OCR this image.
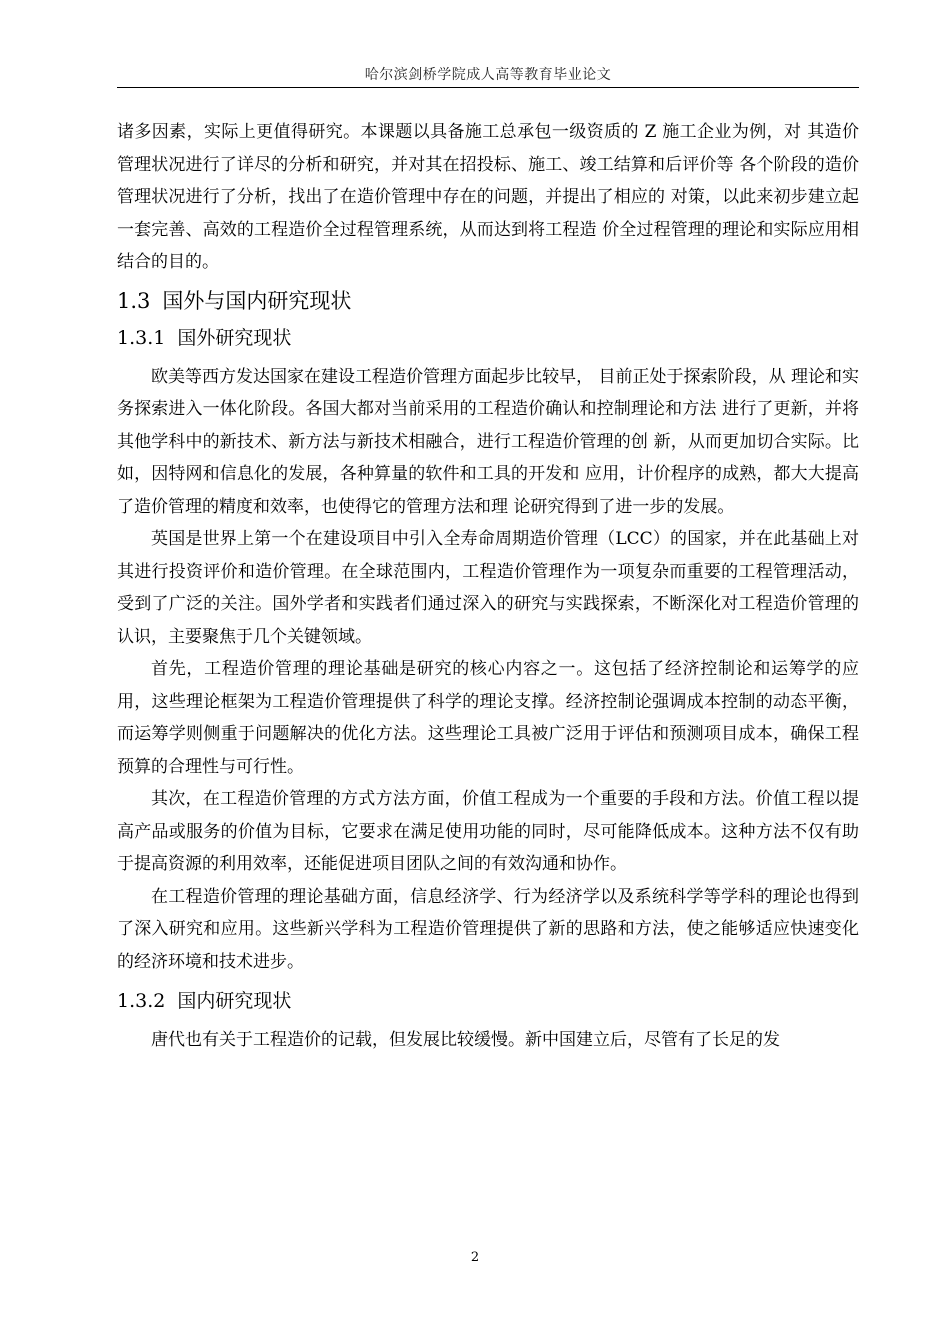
哈尔滨剑桥学院成人高等教育毕业论文

诸多因素，实际上更值得研究。本课题以具备施工总承包一级资质的 Z 施工企业为例，对 其造价管理状况进行了详尽的分析和研究，并对其在招投标、施工、竣工结算和后评价等 各个阶段的造价管理状况进行了分析，找出了在造价管理中存在的问题，并提出了相应的 对策，以此来初步建立起一套完善、高效的工程造价全过程管理系统，从而达到将工程造 价全过程管理的理论和实际应用相结合的目的。

1.3 国外与国内研究现状
1.3.1 国外研究现状

欧美等西方发达国家在建设工程造价管理方面起步比较早， 目前正处于探索阶段，从 理论和实务探索进入一体化阶段。各国大都对当前采用的工程造价确认和控制理论和方法 进行了更新，并将其他学科中的新技术、新方法与新技术相融合，进行工程造价管理的创 新，从而更加切合实际。比如，因特网和信息化的发展，各种算量的软件和工具的开发和 应用，计价程序的成熟，都大大提高了造价管理的精度和效率，也使得它的管理方法和理 论研究得到了进一步的发展。

英国是世界上第一个在建设项目中引入全寿命周期造价管理（LCC）的国家，并在此基础上对其进行投资评价和造价管理。在全球范围内，工程造价管理作为一项复杂而重要的工程管理活动，受到了广泛的关注。国外学者和实践者们通过深入的研究与实践探索，不断深化对工程造价管理的认识，主要聚焦于几个关键领域。

首先，工程造价管理的理论基础是研究的核心内容之一。这包括了经济控制论和运筹学的应用，这些理论框架为工程造价管理提供了科学的理论支撑。经济控制论强调成本控制的动态平衡，而运筹学则侧重于问题解决的优化方法。这些理论工具被广泛用于评估和预测项目成本，确保工程预算的合理性与可行性。

其次，在工程造价管理的方式方法方面，价值工程成为一个重要的手段和方法。价值工程以提高产品或服务的价值为目标，它要求在满足使用功能的同时，尽可能降低成本。这种方法不仅有助于提高资源的利用效率，还能促进项目团队之间的有效沟通和协作。

在工程造价管理的理论基础方面，信息经济学、行为经济学以及系统科学等学科的理论也得到了深入研究和应用。这些新兴学科为工程造价管理提供了新的思路和方法，使之能够适应快速变化的经济环境和技术进步。

1.3.2 国内研究现状

唐代也有关于工程造价的记载，但发展比较缓慢。新中国建立后，尽管有了长足的发

2
